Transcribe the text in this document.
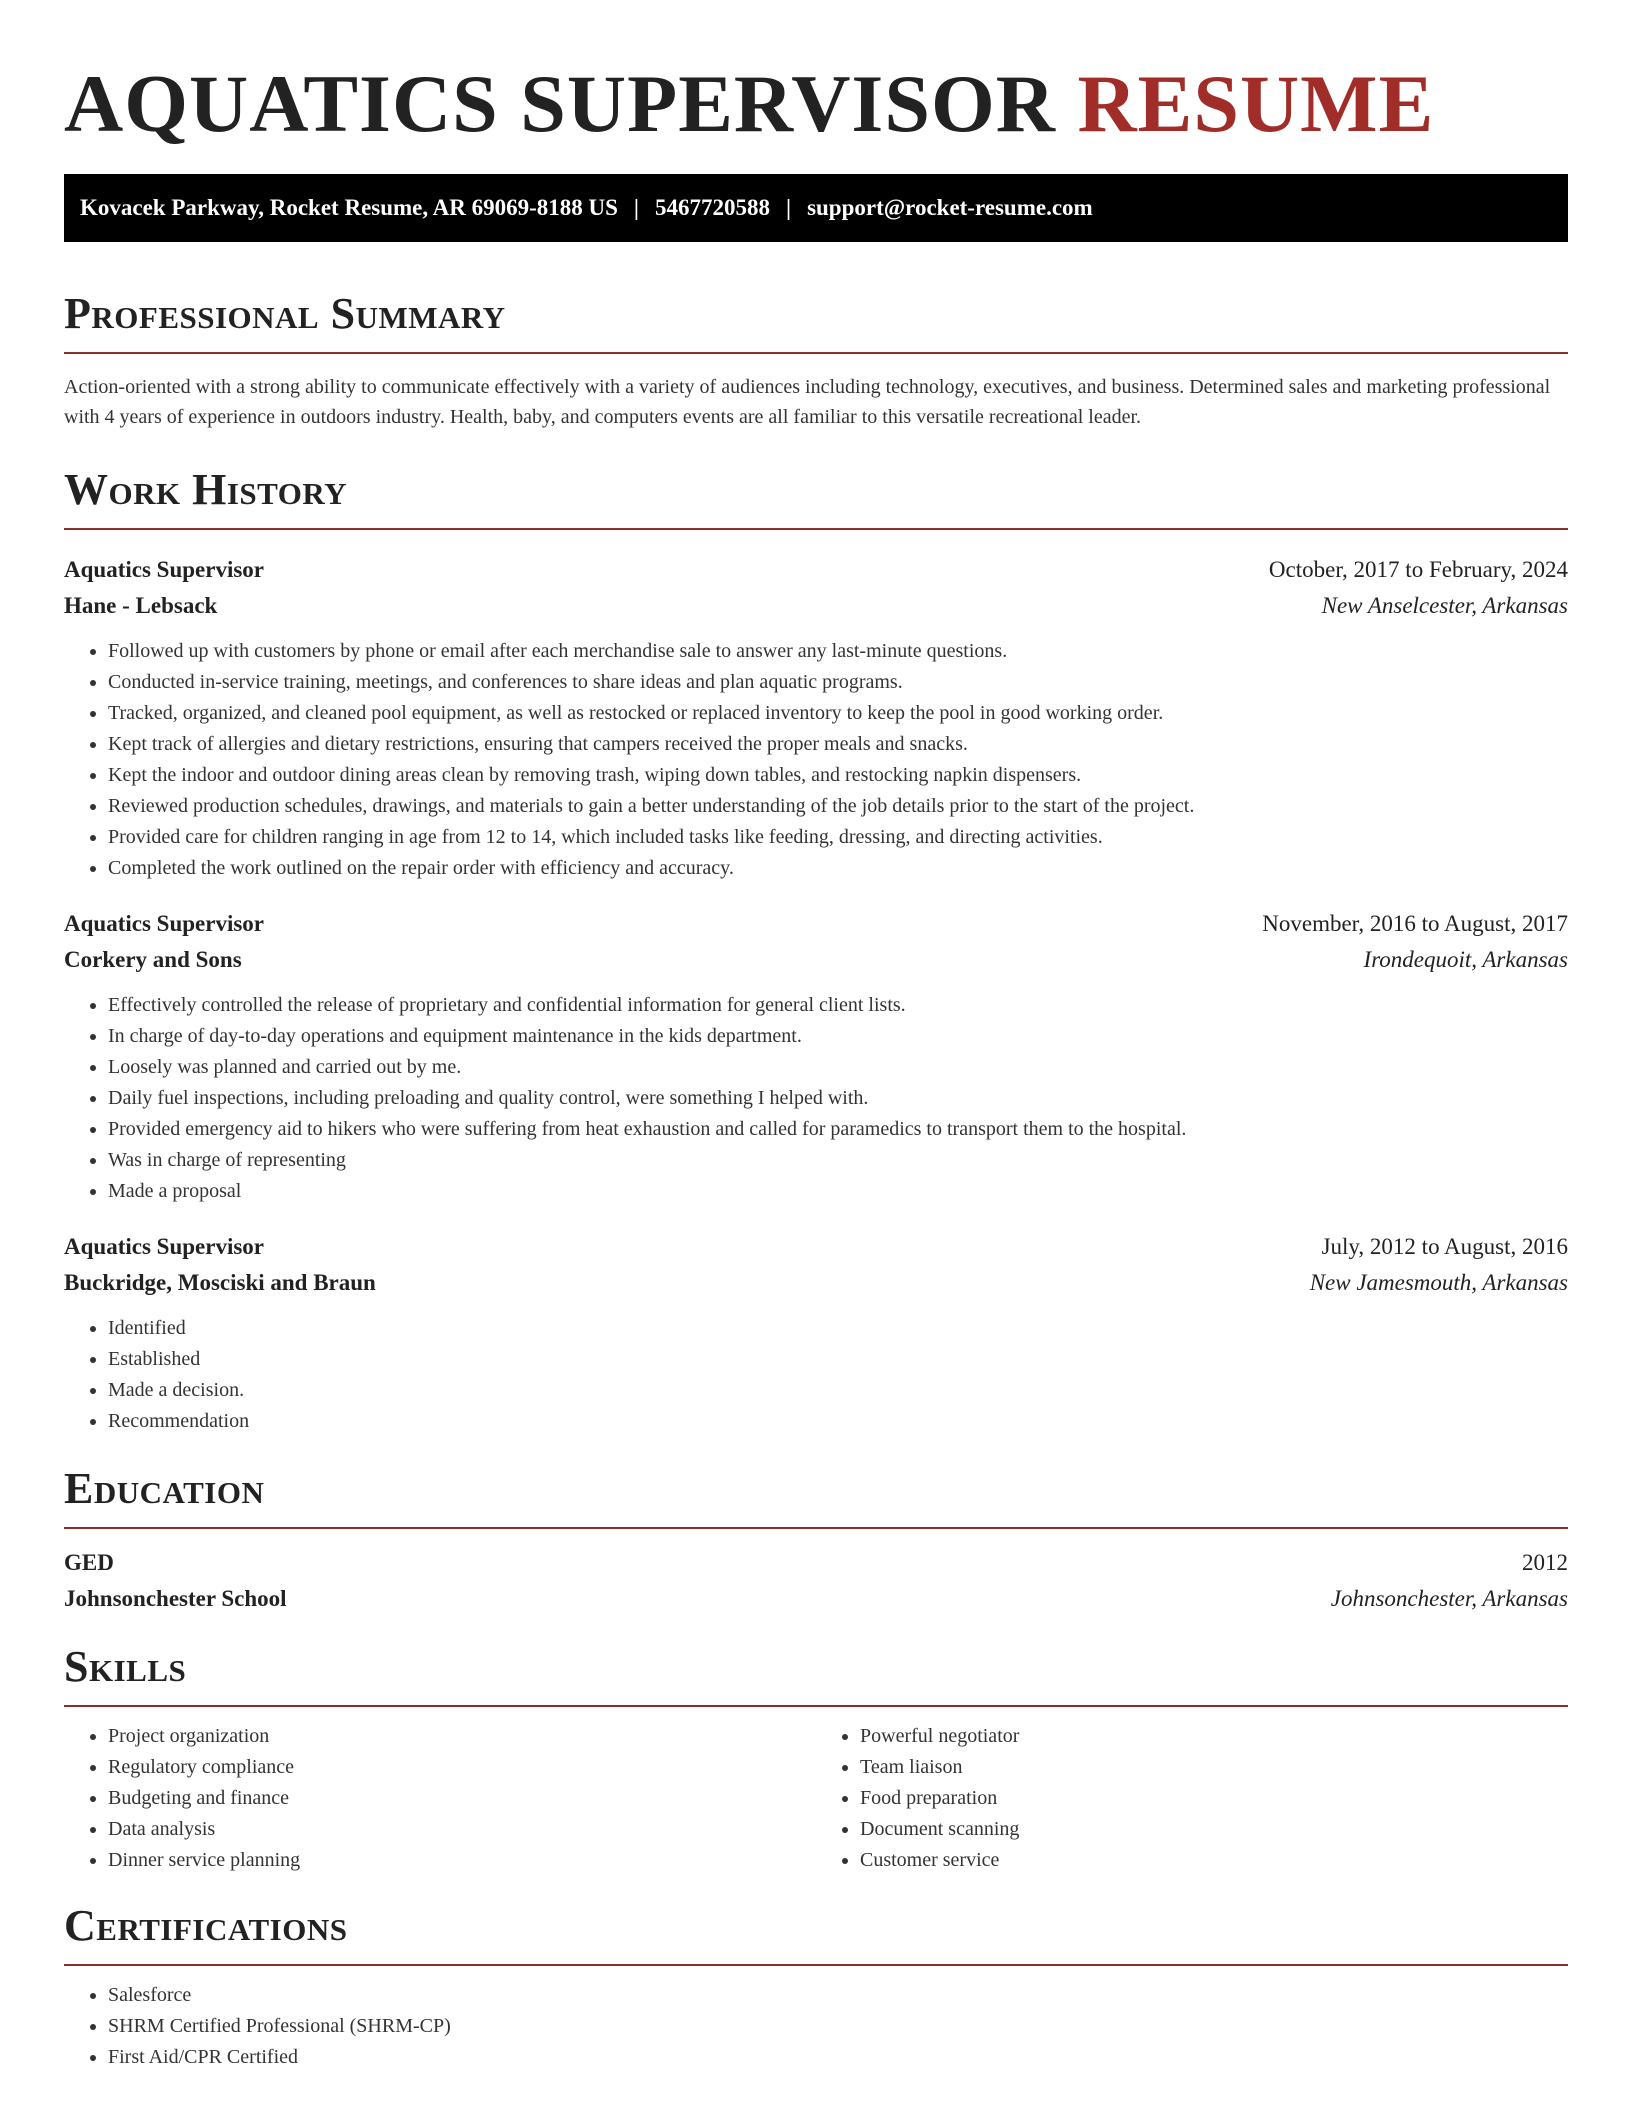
AQUATICS SUPERVISOR RESUME
Kovacek Parkway, Rocket Resume, AR 69069-8188 US | 5467720588 | support@rocket-resume.com
Professional Summary

Action-oriented with a strong ability to communicate effectively with a variety of audiences including technology, executives, and business. Determined sales and marketing professional with 4 years of experience in outdoors industry. Health, baby, and computers events are all familiar to this versatile recreational leader.

Work History
Aquatics Supervisor	October, 2017 to February, 2024
Hane - Lebsack	New Anselcester, Arkansas
• Followed up with customers by phone or email after each merchandise sale to answer any last-minute questions.
• Conducted in-service training, meetings, and conferences to share ideas and plan aquatic programs.
• Tracked, organized, and cleaned pool equipment, as well as restocked or replaced inventory to keep the pool in good working order.
• Kept track of allergies and dietary restrictions, ensuring that campers received the proper meals and snacks.
• Kept the indoor and outdoor dining areas clean by removing trash, wiping down tables, and restocking napkin dispensers.
• Reviewed production schedules, drawings, and materials to gain a better understanding of the job details prior to the start of the project.
• Provided care for children ranging in age from 12 to 14, which included tasks like feeding, dressing, and directing activities.
• Completed the work outlined on the repair order with efficiency and accuracy.
Aquatics Supervisor	November, 2016 to August, 2017
Corkery and Sons	Irondequoit, Arkansas
• Effectively controlled the release of proprietary and confidential information for general client lists.
• In charge of day-to-day operations and equipment maintenance in the kids department.
• Loosely was planned and carried out by me.
• Daily fuel inspections, including preloading and quality control, were something I helped with.
• Provided emergency aid to hikers who were suffering from heat exhaustion and called for paramedics to transport them to the hospital.
• Was in charge of representing
• Made a proposal
Aquatics Supervisor	July, 2012 to August, 2016
Buckridge, Mosciski and Braun	New Jamesmouth, Arkansas
• Identified
• Established
• Made a decision.
• Recommendation
Education
GED	2012
Johnsonchester School	Johnsonchester, Arkansas
Skills
• Project organization
• Regulatory compliance
• Budgeting and finance
• Data analysis
• Dinner service planning
• Powerful negotiator
• Team liaison
• Food preparation
• Document scanning
• Customer service
Certifications
• Salesforce
• SHRM Certified Professional (SHRM-CP)
• First Aid/CPR Certified
